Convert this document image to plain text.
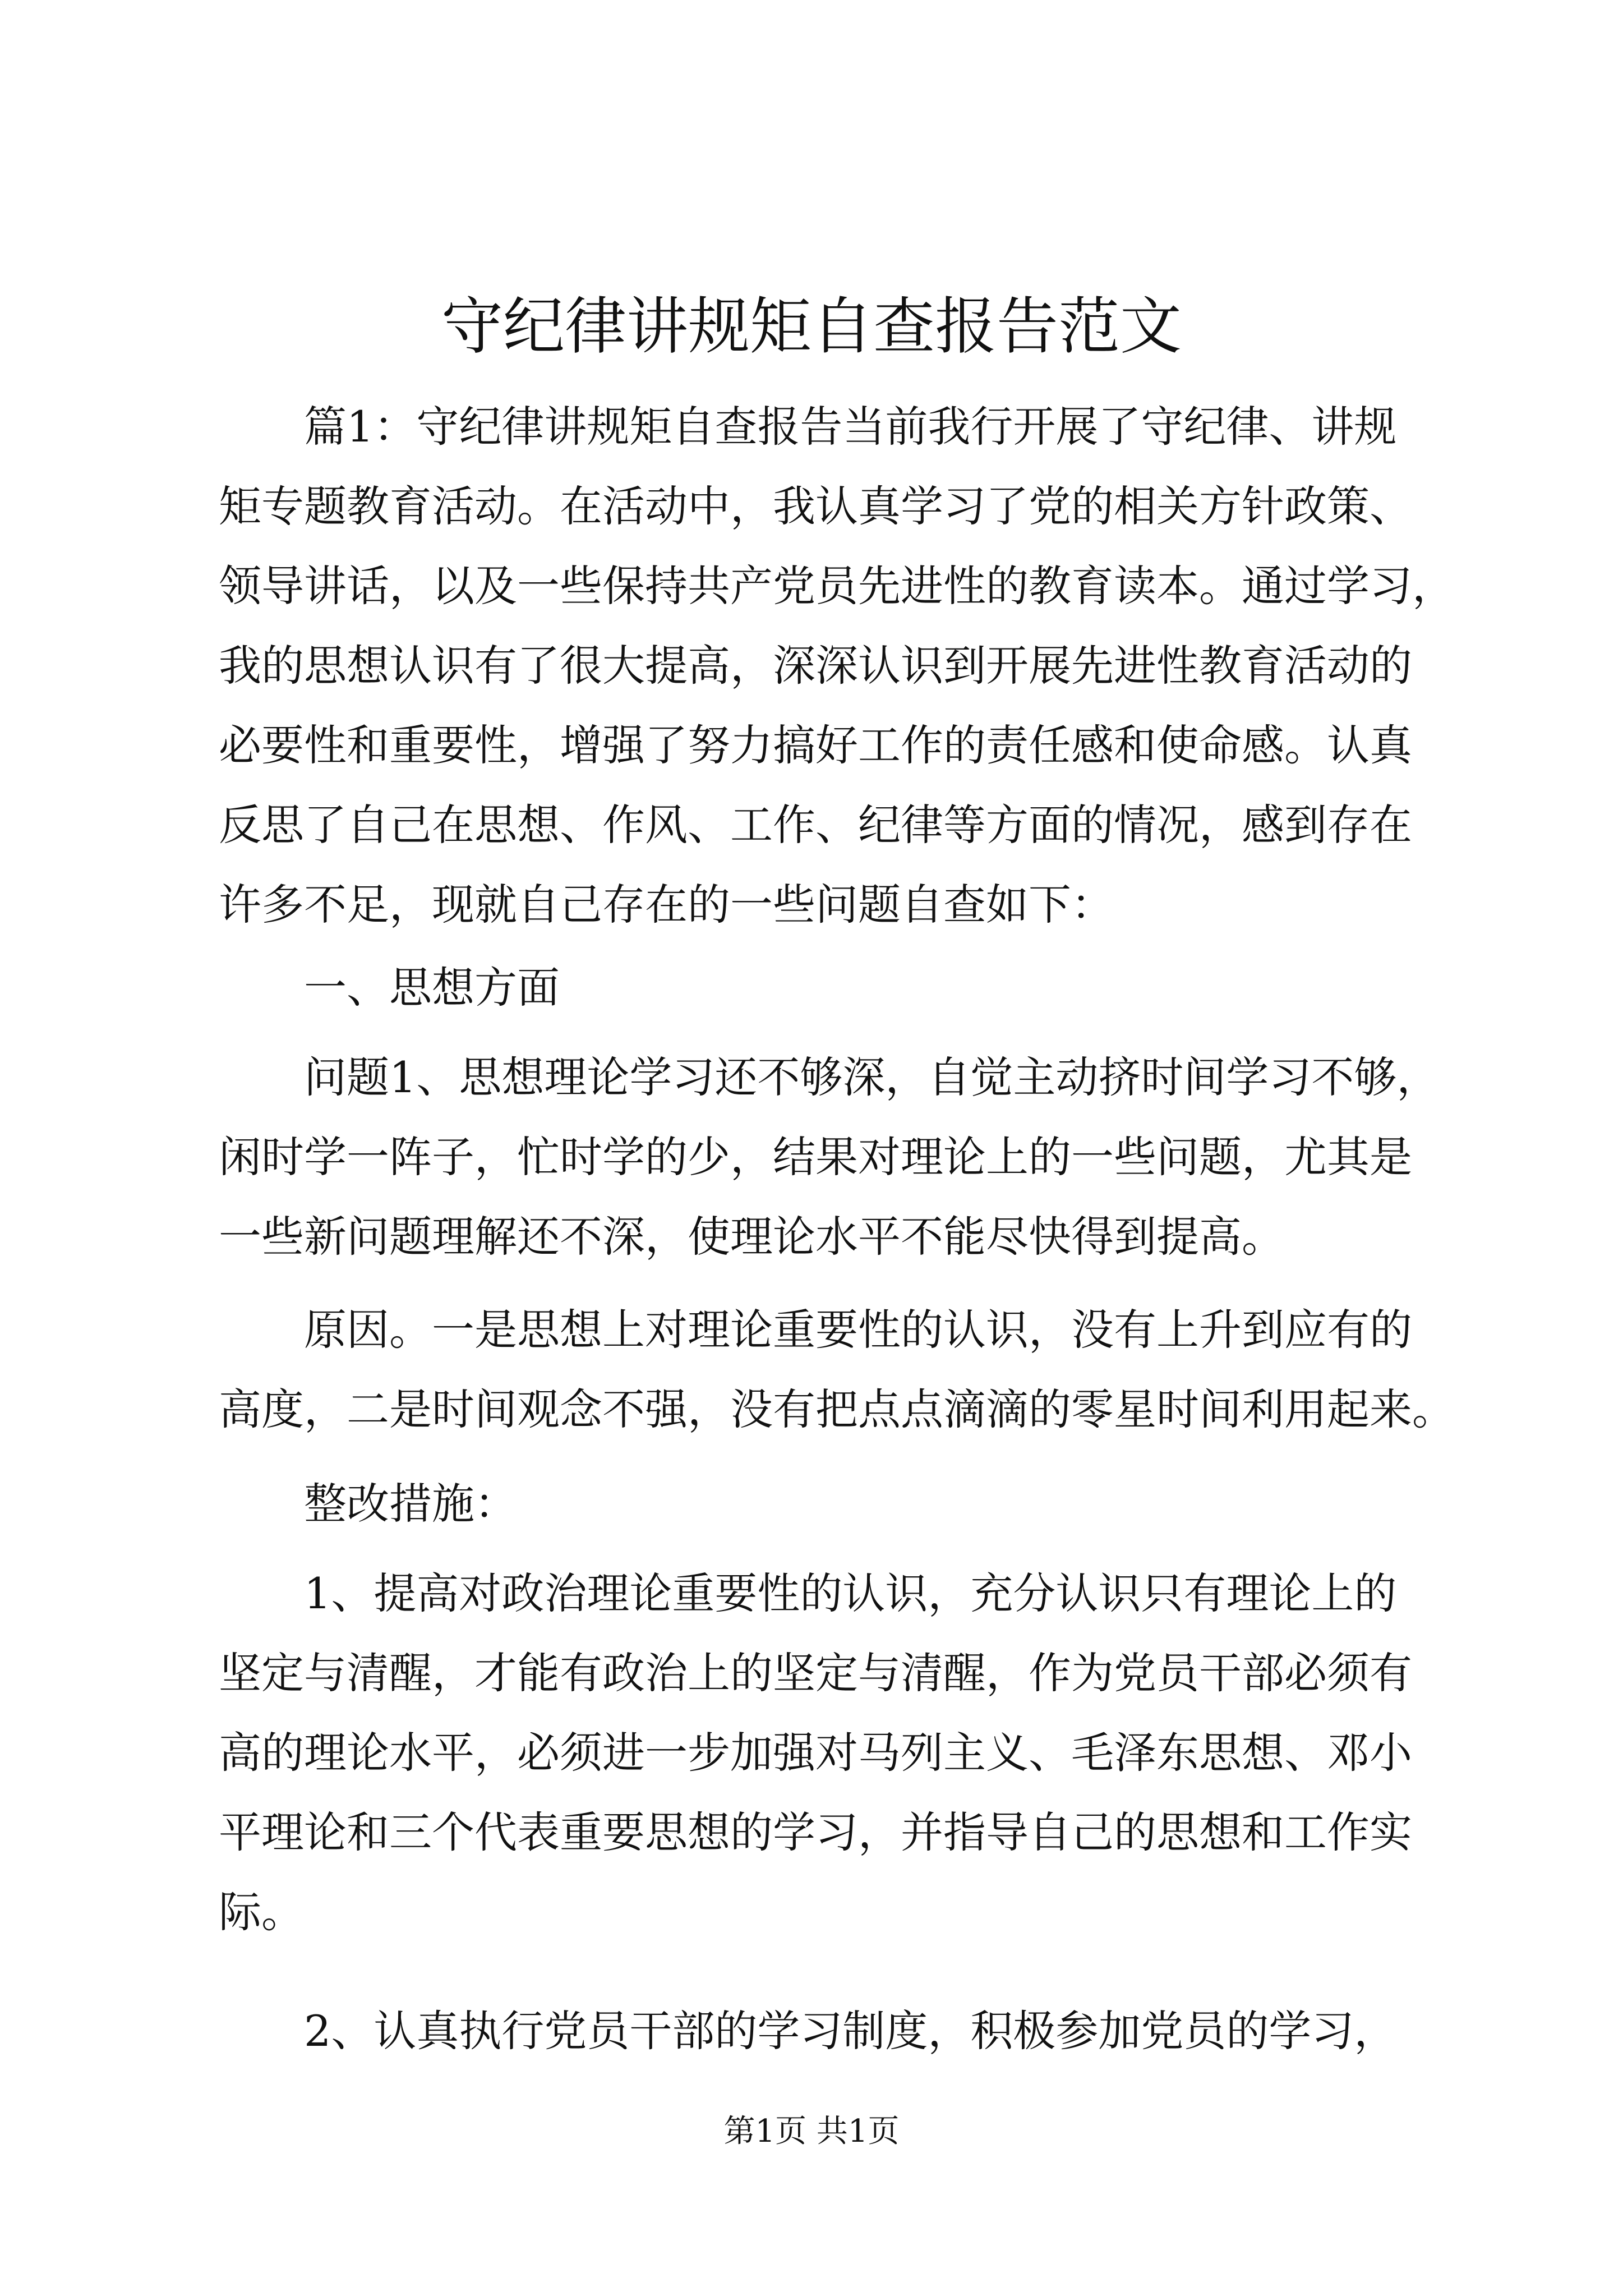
守纪律讲规矩自查报告范文
篇1：守纪律讲规矩自查报告当前我行开展了守纪律、讲规
矩专题教育活动。在活动中，我认真学习了党的相关方针政策、
领导讲话，以及一些保持共产党员先进性的教育读本。通过学习，
我的思想认识有了很大提高，深深认识到开展先进性教育活动的
必要性和重要性，增强了努力搞好工作的责任感和使命感。认真
反思了自己在思想、作风、工作、纪律等方面的情况，感到存在
许多不足，现就自己存在的一些问题自查如下：
一、思想方面
问题1、思想理论学习还不够深，自觉主动挤时间学习不够，
闲时学一阵子，忙时学的少，结果对理论上的一些问题，尤其是
一些新问题理解还不深，使理论水平不能尽快得到提高。
原因。一是思想上对理论重要性的认识，没有上升到应有的
高度，二是时间观念不强，没有把点点滴滴的零星时间利用起来。
整改措施：
1、提高对政治理论重要性的认识，充分认识只有理论上的
坚定与清醒，才能有政治上的坚定与清醒，作为党员干部必须有
高的理论水平，必须进一步加强对马列主义、毛泽东思想、邓小
平理论和三个代表重要思想的学习，并指导自己的思想和工作实
际。
2、认真执行党员干部的学习制度，积极参加党员的学习，
第1页 共1页
